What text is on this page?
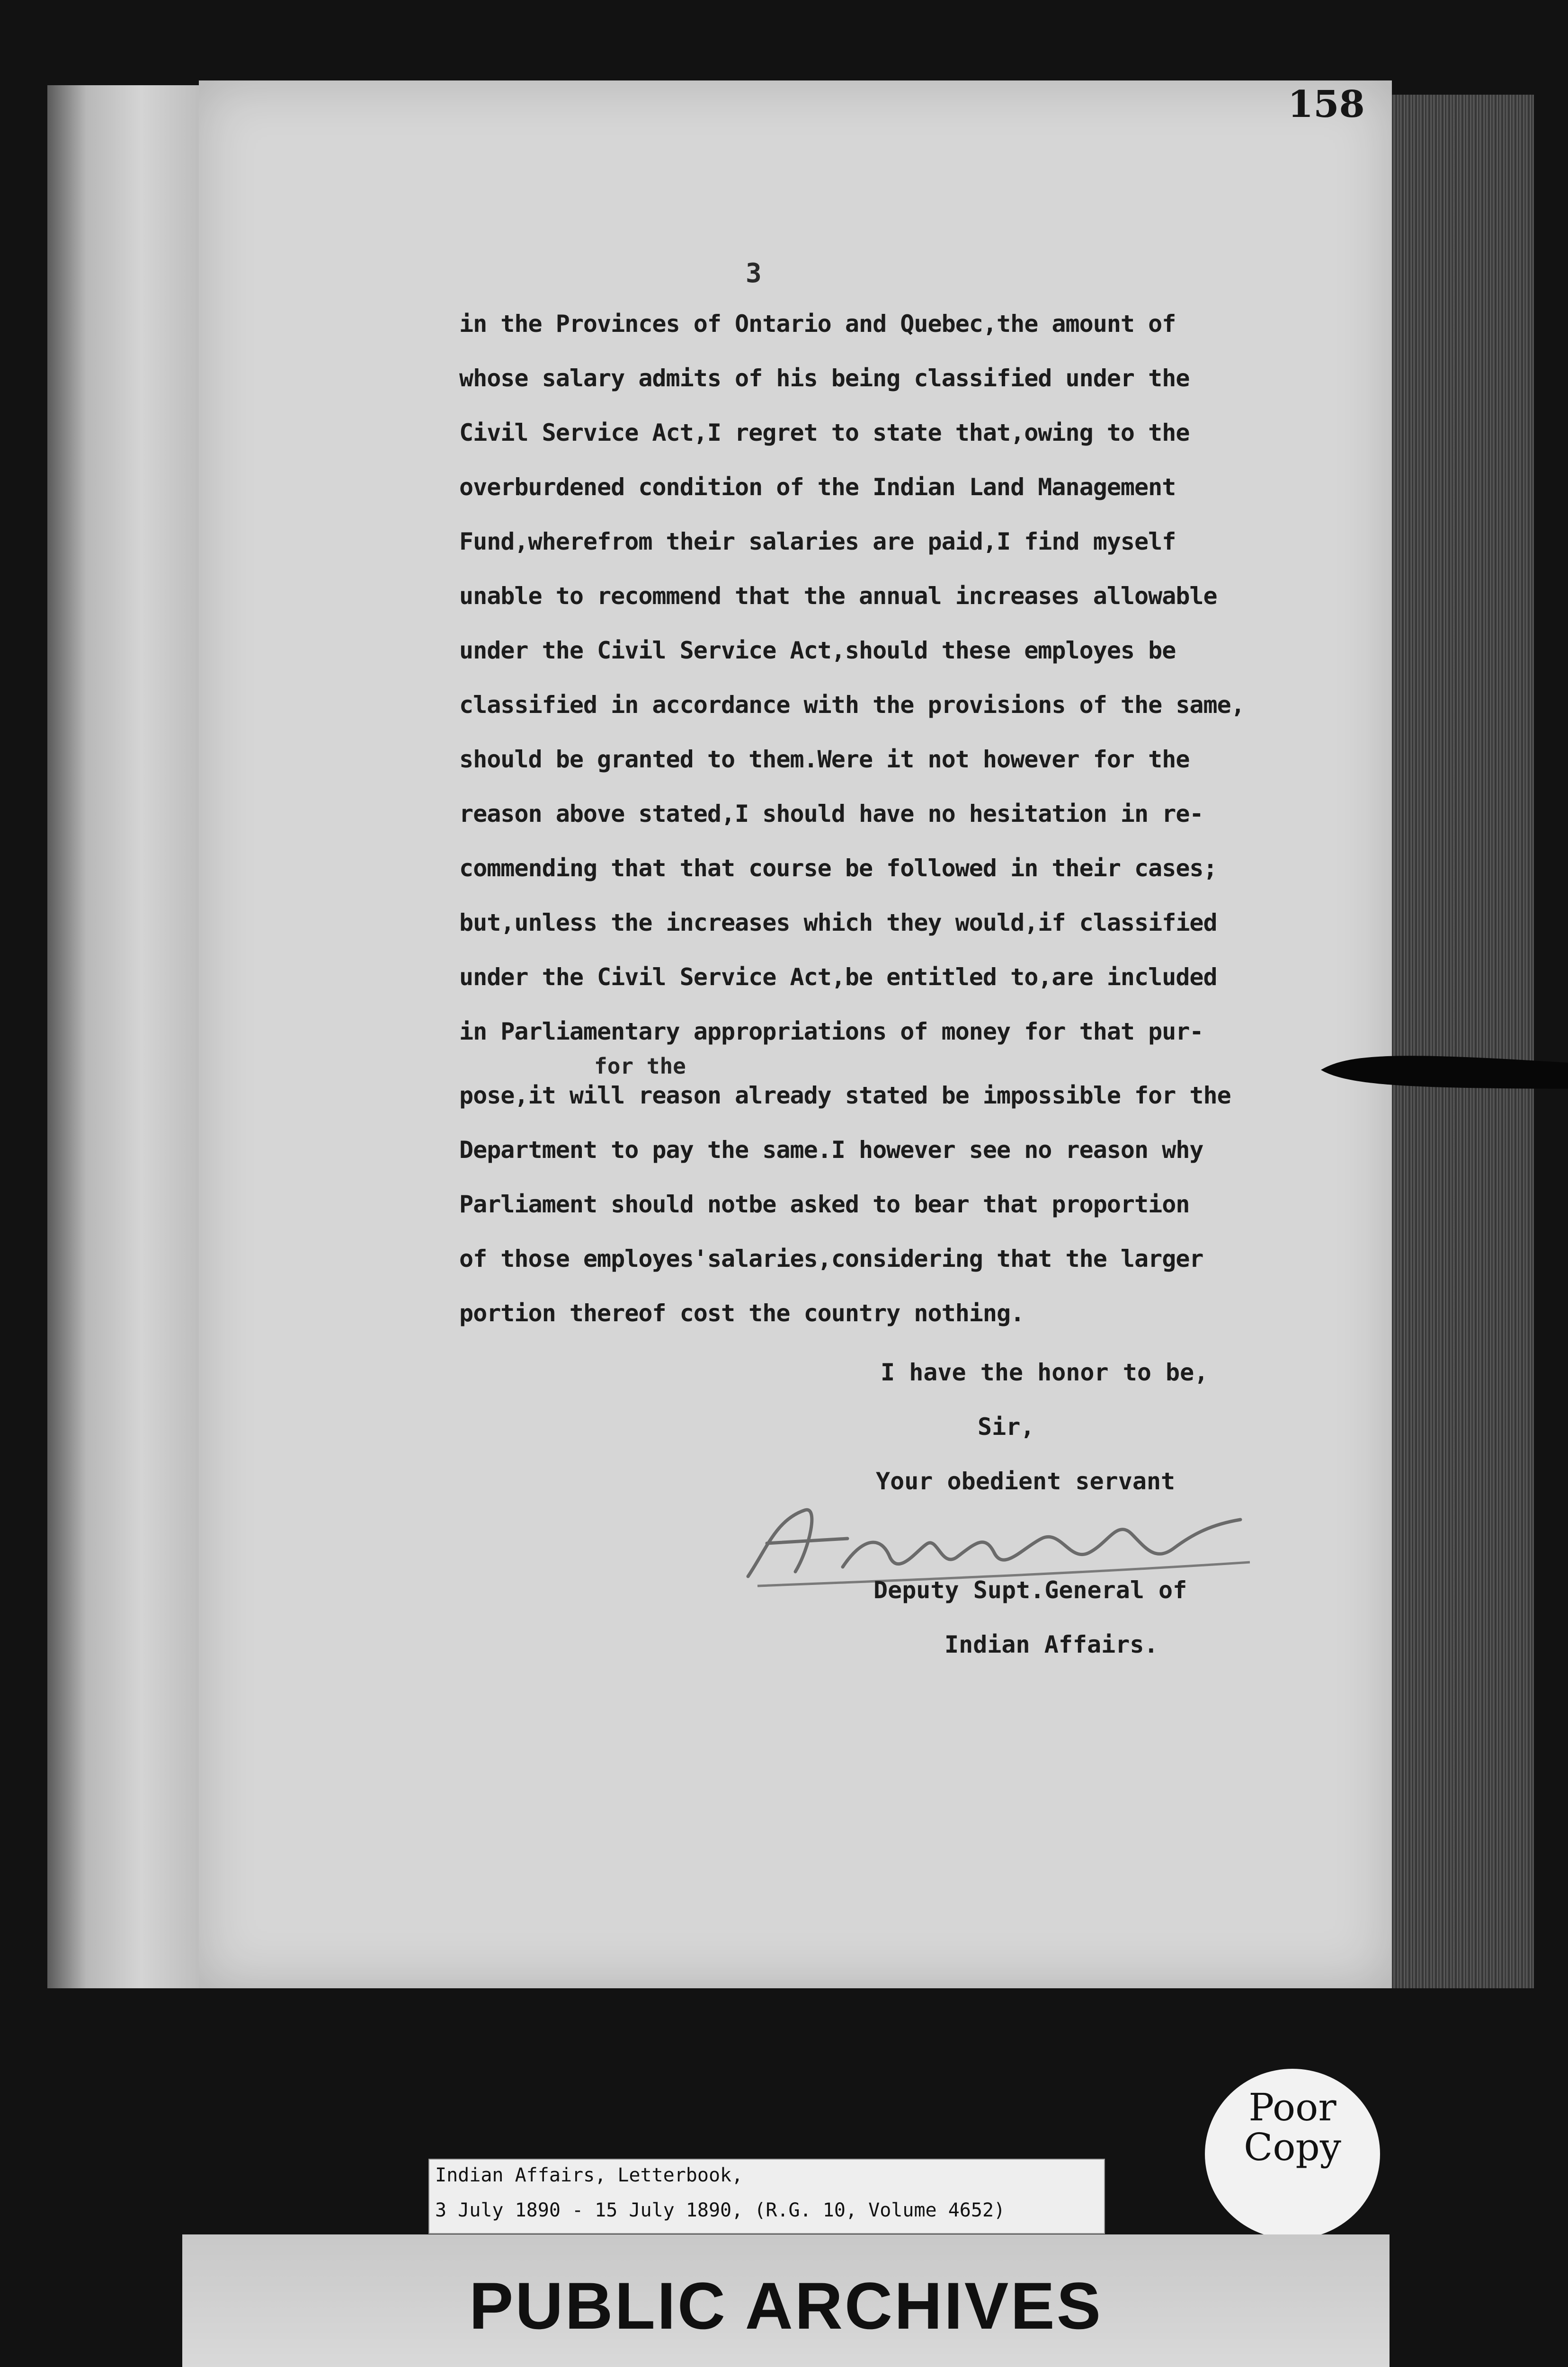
158
3
in the Provinces of Ontario and Quebec,the amount of
whose salary admits of his being classified under the
Civil Service Act,I regret to state that,owing to the
overburdened condition of the Indian Land Management
Fund,wherefrom their salaries are paid,I find myself
unable to recommend that the annual increases allowable
under the Civil Service Act,should these employes be
classified in accordance with the provisions of the same,
should be granted to them.Were it not however for the
reason above stated,I should have no hesitation in re-
commending that that course be followed in their cases;
but,unless the increases which they would,if classified
under the Civil Service Act,be entitled to,are included
in Parliamentary appropriations of money for that pur-
for the
pose,it will reason already stated be impossible for the
Department to pay the same.I however see no reason why
Parliament should notbe asked to bear that proportion
of those employes'salaries,considering that the larger
portion thereof cost the country nothing.
I have the honor to be,
Sir,
Your obedient servant
Deputy Supt.General of
Indian Affairs.
Indian Affairs, Letterbook,
3 July 1890 - 15 July 1890, (R.G. 10, Volume 4652)
Poor
Copy
PUBLIC ARCHIVES
